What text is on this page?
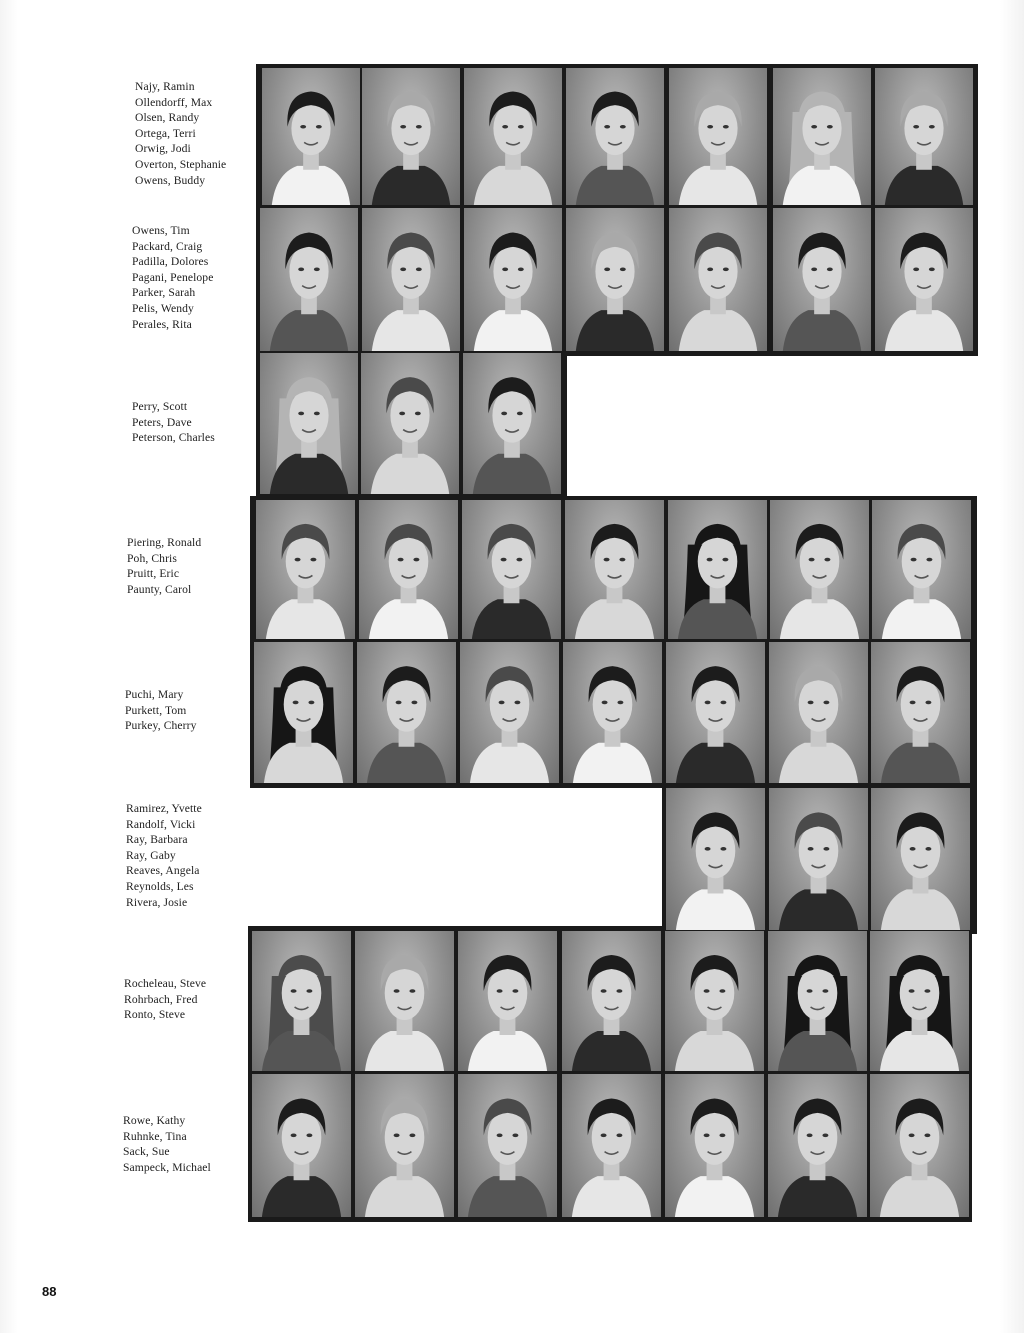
Najy, Ramin
Ollendorff, Max
Olsen, Randy
Ortega, Terri
Orwig, Jodi
Overton, Stephanie
Owens, Buddy
Owens, Tim
Packard, Craig
Padilla, Dolores
Pagani, Penelope
Parker, Sarah
Pelis, Wendy
Perales, Rita
Perry, Scott
Peters, Dave
Peterson, Charles
Piering, Ronald
Poh, Chris
Pruitt, Eric
Paunty, Carol
Puchi, Mary
Purkett, Tom
Purkey, Cherry
Ramirez, Yvette
Randolf, Vicki
Ray, Barbara
Ray, Gaby
Reaves, Angela
Reynolds, Les
Rivera, Josie
Rocheleau, Steve
Rohrbach, Fred
Ronto, Steve
Rowe, Kathy
Ruhnke, Tina
Sack, Sue
Sampeck, Michael
88
